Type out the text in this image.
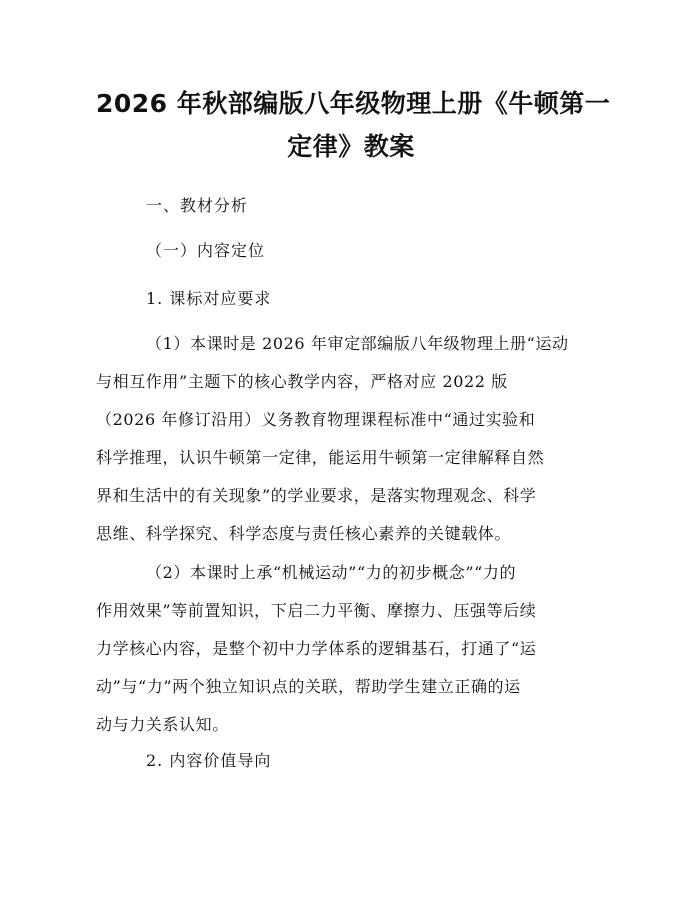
2026 年秋部编版八年级物理上册《牛顿第一
定律》教案
一、教材分析
（一）内容定位
1. 课标对应要求
（1）本课时是 2026 年审定部编版八年级物理上册“运动
与相互作用”主题下的核心教学内容，严格对应 2022 版
（2026 年修订沿用）义务教育物理课程标准中“通过实验和
科学推理，认识牛顿第一定律，能运用牛顿第一定律解释自然
界和生活中的有关现象”的学业要求，是落实物理观念、科学
思维、科学探究、科学态度与责任核心素养的关键载体。
（2）本课时上承“机械运动”“力的初步概念”“力的
作用效果”等前置知识，下启二力平衡、摩擦力、压强等后续
力学核心内容，是整个初中力学体系的逻辑基石，打通了“运
动”与“力”两个独立知识点的关联，帮助学生建立正确的运
动与力关系认知。
2. 内容价值导向
